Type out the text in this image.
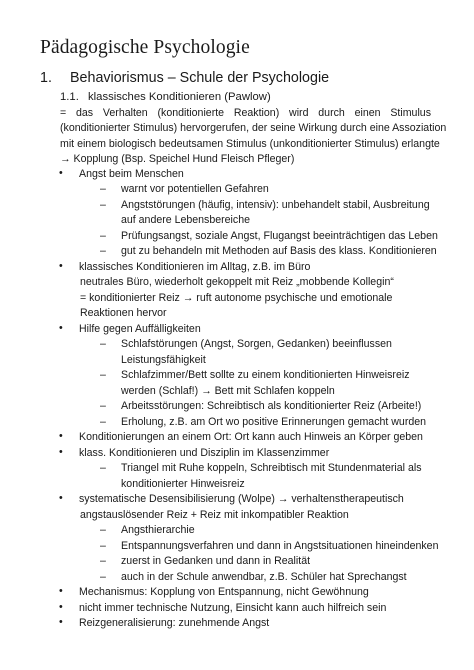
Pädagogische Psychologie
1. Behaviorismus – Schule der Psychologie
1.1. klassisches Konditionieren (Pawlow)
= das Verhalten (konditionierte Reaktion) wird durch einen Stimulus
(konditionierter Stimulus) hervorgerufen, der seine Wirkung durch eine Assoziation
mit einem biologisch bedeutsamen Stimulus (unkonditionierter Stimulus) erlangte
→ Kopplung (Bsp. Speichel Hund Fleisch Pfleger)
• Angst beim Menschen
– warnt vor potentiellen Gefahren
– Angststörungen (häufig, intensiv): unbehandelt stabil, Ausbreitung
auf andere Lebensbereiche
– Prüfungsangst, soziale Angst, Flugangst beeinträchtigen das Leben
– gut zu behandeln mit Methoden auf Basis des klass. Konditionieren
• klassisches Konditionieren im Alltag, z.B. im Büro
neutrales Büro, wiederholt gekoppelt mit Reiz „mobbende Kollegin“
= konditionierter Reiz → ruft autonome psychische und emotionale
Reaktionen hervor
• Hilfe gegen Auffälligkeiten
– Schlafstörungen (Angst, Sorgen, Gedanken) beeinflussen
Leistungsfähigkeit
– Schlafzimmer/Bett sollte zu einem konditionierten Hinweisreiz
werden (Schlaf!) → Bett mit Schlafen koppeln
– Arbeitsstörungen: Schreibtisch als konditionierter Reiz (Arbeite!)
– Erholung, z.B. am Ort wo positive Erinnerungen gemacht wurden
• Konditionierungen an einem Ort: Ort kann auch Hinweis an Körper geben
• klass. Konditionieren und Disziplin im Klassenzimmer
– Triangel mit Ruhe koppeln, Schreibtisch mit Stundenmaterial als
konditionierter Hinweisreiz
• systematische Desensibilisierung (Wolpe) → verhaltenstherapeutisch
angstauslösender Reiz + Reiz mit inkompatibler Reaktion
– Angsthierarchie
– Entspannungsverfahren und dann in Angstsituationen hineindenken
– zuerst in Gedanken und dann in Realität
– auch in der Schule anwendbar, z.B. Schüler hat Sprechangst
• Mechanismus: Kopplung von Entspannung, nicht Gewöhnung
• nicht immer technische Nutzung, Einsicht kann auch hilfreich sein
• Reizgeneralisierung: zunehmende Angst
